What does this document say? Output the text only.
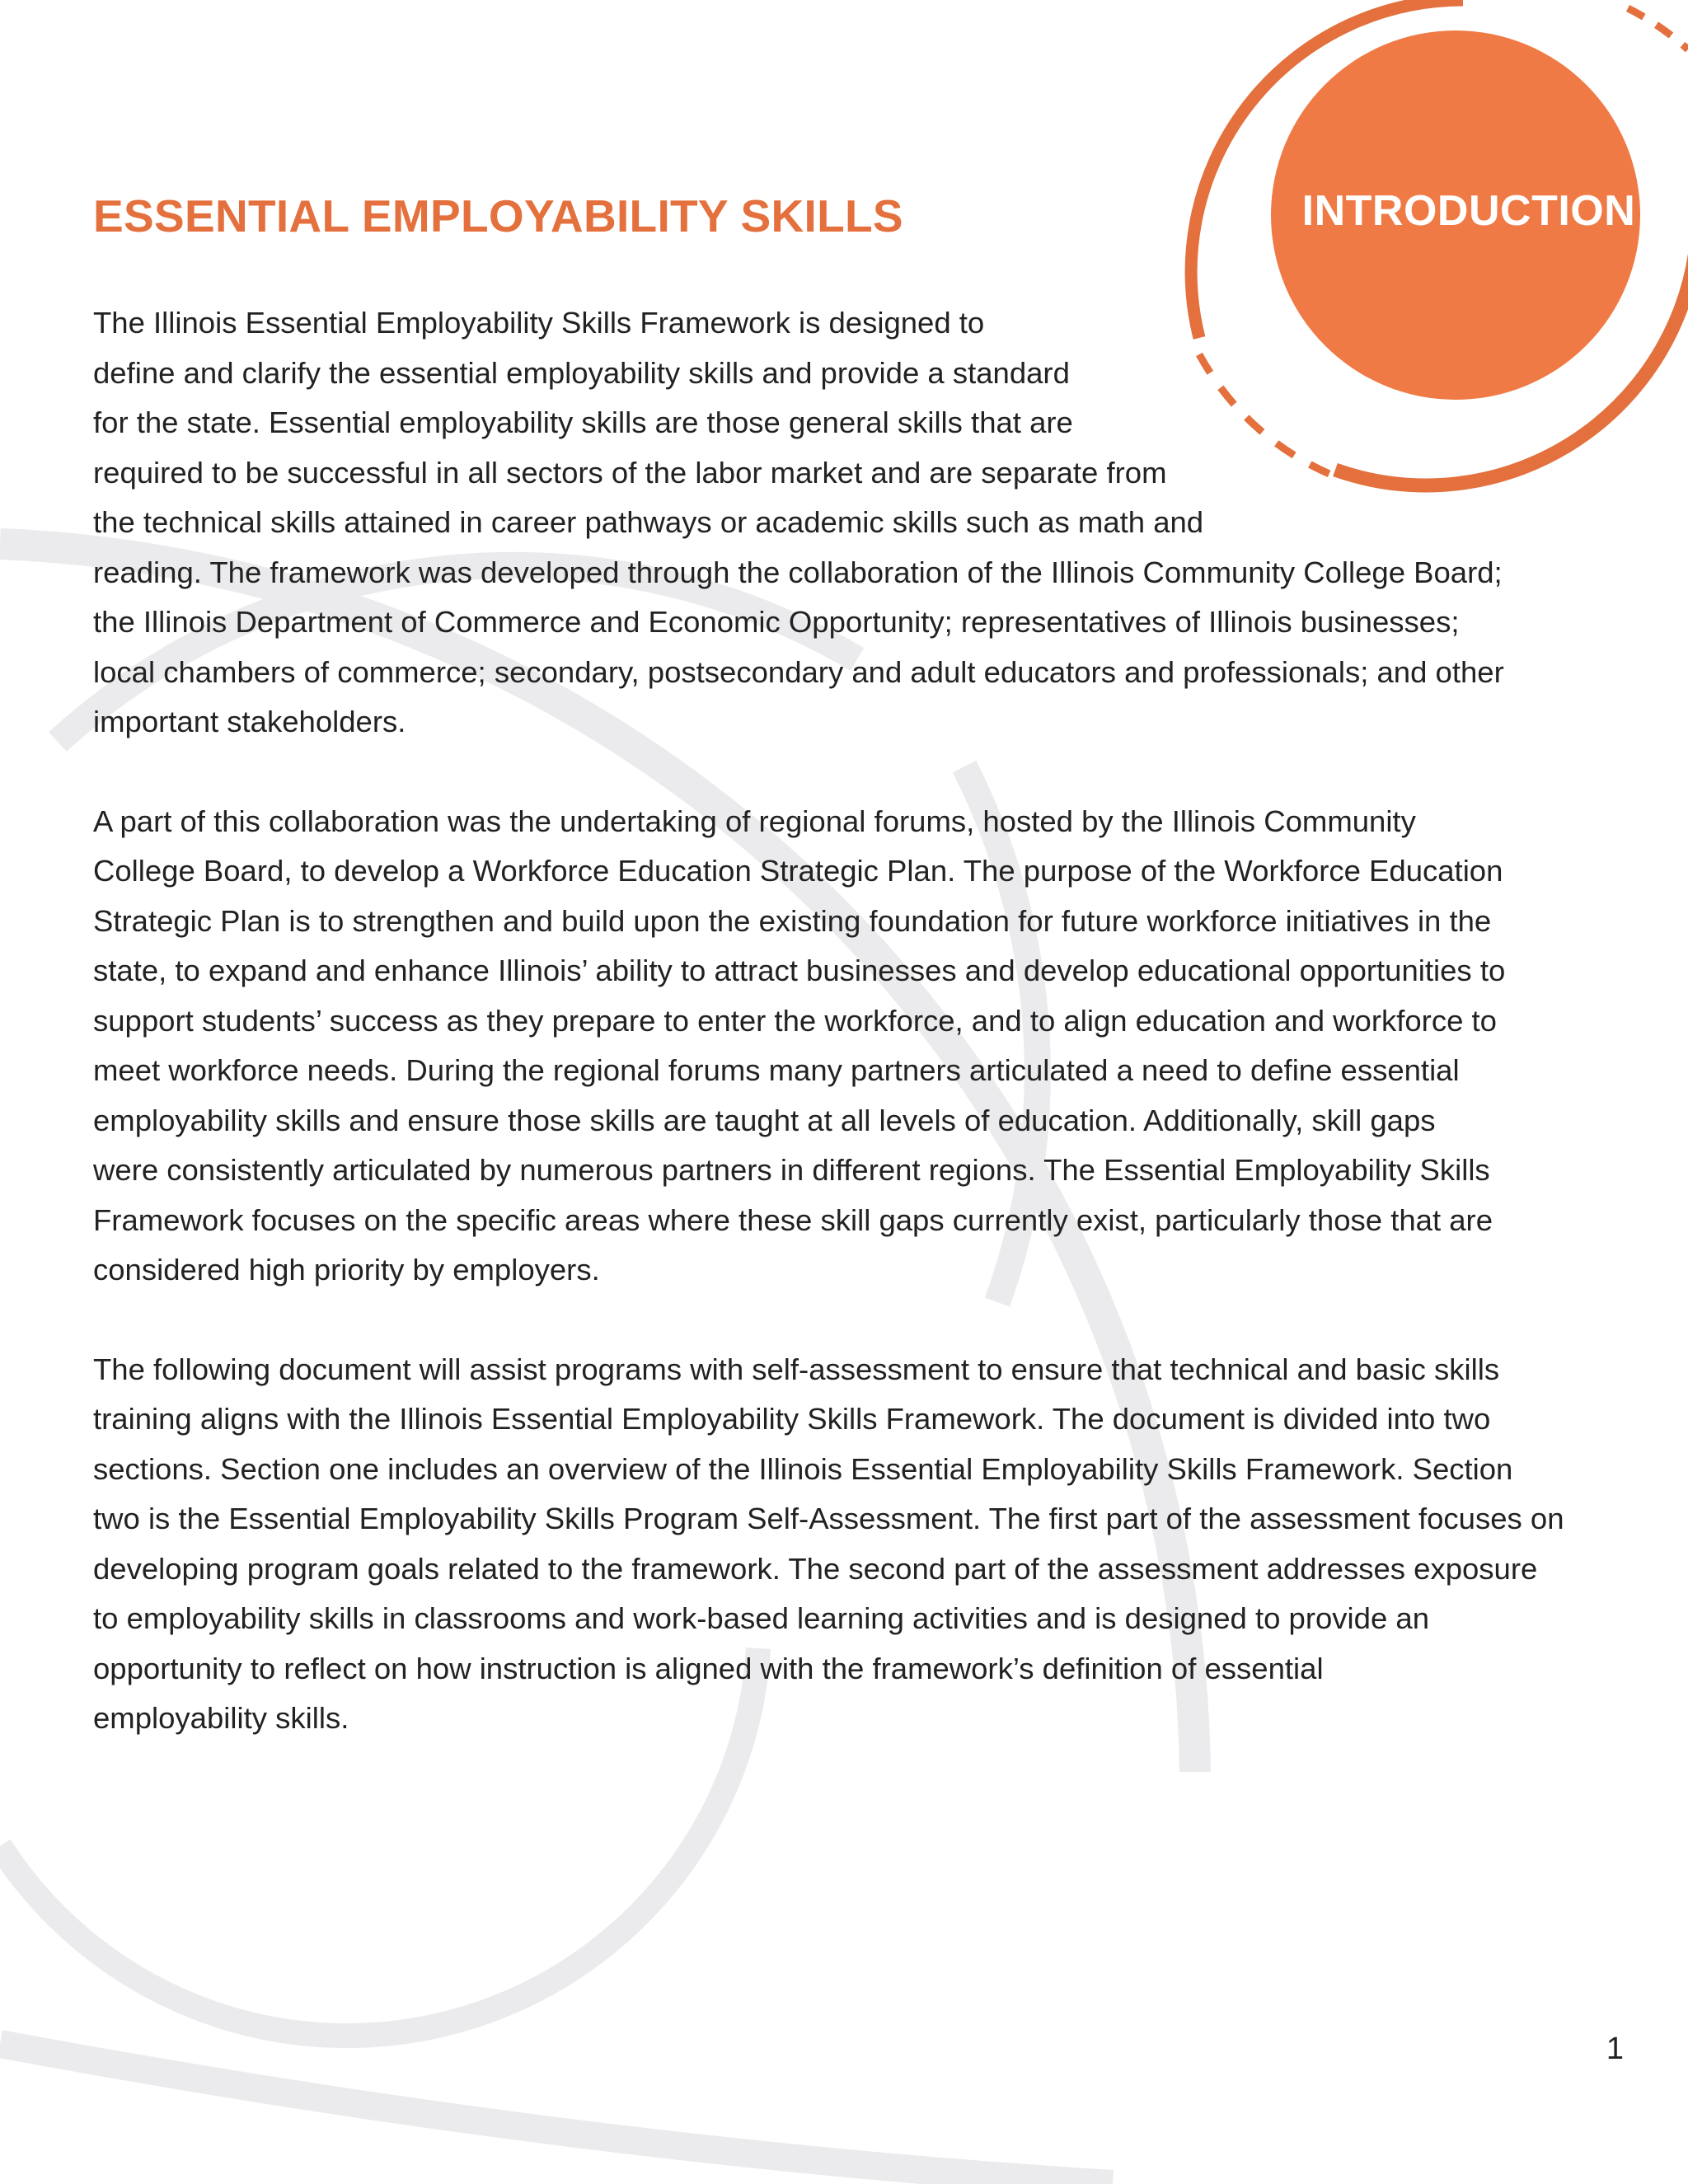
INTRODUCTION
ESSENTIAL EMPLOYABILITY SKILLS

The Illinois Essential Employability Skills Framework is designed to
define and clarify the essential employability skills and provide a standard
for the state. Essential employability skills are those general skills that are
required to be successful in all sectors of the labor market and are separate from
the technical skills attained in career pathways or academic skills such as math and
reading. The framework was developed through the collaboration of the Illinois Community College Board;
the Illinois Department of Commerce and Economic Opportunity; representatives of Illinois businesses;
local chambers of commerce; secondary, postsecondary and adult educators and professionals; and other
important stakeholders.

A part of this collaboration was the undertaking of regional forums, hosted by the Illinois Community
College Board, to develop a Workforce Education Strategic Plan. The purpose of the Workforce Education
Strategic Plan is to strengthen and build upon the existing foundation for future workforce initiatives in the
state, to expand and enhance Illinois’ ability to attract businesses and develop educational opportunities to
support students’ success as they prepare to enter the workforce, and to align education and workforce to
meet workforce needs. During the regional forums many partners articulated a need to define essential
employability skills and ensure those skills are taught at all levels of education. Additionally, skill gaps
were consistently articulated by numerous partners in different regions. The Essential Employability Skills
Framework focuses on the specific areas where these skill gaps currently exist, particularly those that are
considered high priority by employers.

The following document will assist programs with self-assessment to ensure that technical and basic skills
training aligns with the Illinois Essential Employability Skills Framework. The document is divided into two
sections. Section one includes an overview of the Illinois Essential Employability Skills Framework. Section
two is the Essential Employability Skills Program Self-Assessment. The first part of the assessment focuses on
developing program goals related to the framework. The second part of the assessment addresses exposure
to employability skills in classrooms and work-based learning activities and is designed to provide an
opportunity to reflect on how instruction is aligned with the framework’s definition of essential
employability skills.

1
